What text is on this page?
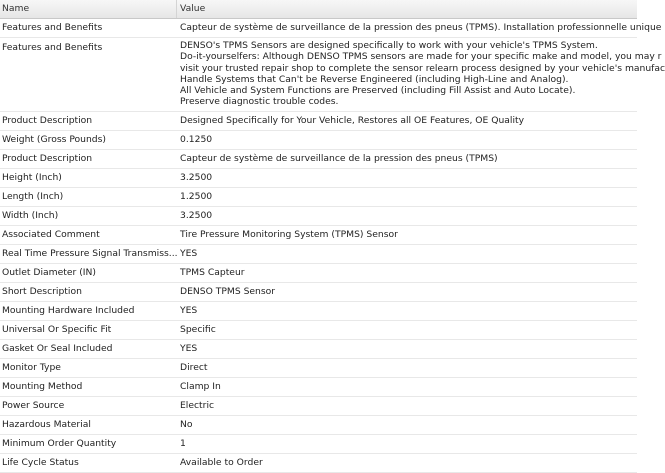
Name	Value
Features and Benefits	Capteur de système de surveillance de la pression des pneus (TPMS). Installation professionnelle unique
Features and Benefits	DENSO's TPMS Sensors are designed specifically to work with your vehicle's TPMS System.
Do-it-yourselfers: Although DENSO TPMS sensors are made for your specific make and model, you may r
visit your trusted repair shop to complete the sensor relearn process designed by your vehicle's manufac
Handle Systems that Can't be Reverse Engineered (including High-Line and Analog).
All Vehicle and System Functions are Preserved (including Fill Assist and Auto Locate).
Preserve diagnostic trouble codes.
Product Description	Designed Specifically for Your Vehicle, Restores all OE Features, OE Quality
Weight (Gross Pounds)	0.1250
Product Description	Capteur de système de surveillance de la pression des pneus (TPMS)
Height (Inch)	3.2500
Length (Inch)	1.2500
Width (Inch)	3.2500
Associated Comment	Tire Pressure Monitoring System (TPMS) Sensor
Real Time Pressure Signal Transmiss... YES
Outlet Diameter (IN)	TPMS Capteur
Short Description	DENSO TPMS Sensor
Mounting Hardware Included	YES
Universal Or Specific Fit	Specific
Gasket Or Seal Included	YES
Monitor Type	Direct
Mounting Method	Clamp In
Power Source	Electric
Hazardous Material	No
Minimum Order Quantity	1
Life Cycle Status	Available to Order
